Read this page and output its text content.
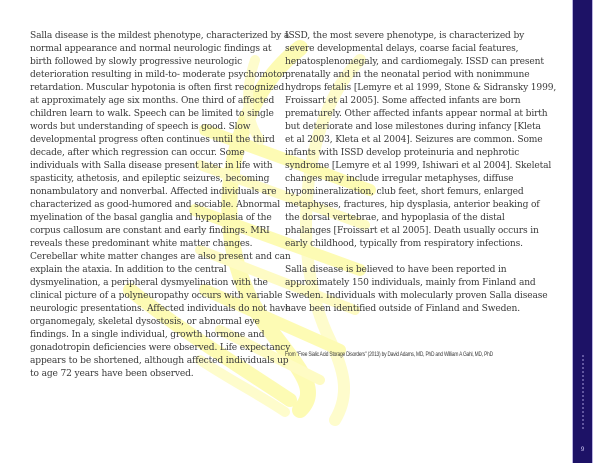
Salla disease is the mildest phenotype, characterized by a

normal appearance and normal neurologic findings at

birth followed by slowly progressive neurologic

deterioration resulting in mild-to- moderate psychomotor

retardation. Muscular hypotonia is often first recognized

at approximately age six months. One third of affected

children learn to walk. Speech can be limited to single

words but understanding of speech is good. Slow

developmental progress often continues until the third

decade, after which regression can occur. Some

individuals with Salla disease present later in life with

spasticity, athetosis, and epileptic seizures, becoming

nonambulatory and nonverbal. Affected individuals are

characterized as good-humored and sociable. Abnormal

myelination of the basal ganglia and hypoplasia of the

corpus callosum are constant and early findings. MRI

reveals these predominant white matter changes.

Cerebellar white matter changes are also present and can

explain the ataxia. In addition to the central

dysmyelination, a peripheral dysmyelination with the

clinical picture of a polyneuropathy occurs with variable

neurologic presentations. Affected individuals do not have

organomegaly, skeletal dysostosis, or abnormal eye

findings. In a single individual, growth hormone and

gonadotropin deficiencies were observed. Life expectancy

appears to be shortened, although affected individuals up

to age 72 years have been observed.

ISSD, the most severe phenotype, is characterized by

severe developmental delays, coarse facial features,

hepatosplenomegaly, and cardiomegaly. ISSD can present

prenatally and in the neonatal period with nonimmune

hydrops fetalis [Lemyre et al 1999, Stone & Sidransky 1999,

Froissart et al 2005]. Some affected infants are born

prematurely. Other affected infants appear normal at birth

but deteriorate and lose milestones during infancy [Kleta

et al 2003, Kleta et al 2004]. Seizures are common. Some

infants with ISSD develop proteinuria and nephrotic

syndrome [Lemyre et al 1999, Ishiwari et al 2004]. Skeletal

changes may include irregular metaphyses, diffuse

hypomineralization, club feet, short femurs, enlarged

metaphyses, fractures, hip dysplasia, anterior beaking of

the dorsal vertebrae, and hypoplasia of the distal

phalanges [Froissart et al 2005]. Death usually occurs in

early childhood, typically from respiratory infections.

Salla disease is believed to have been reported in

approximately 150 individuals, mainly from Finland and

Sweden. Individuals with molecularly proven Salla disease

have been identified outside of Finland and Sweden.

From "Free Sialic Acid Storage Disorders" (2013) by David Adams, MD, PhD and William A Gahl, MD, PhD
9
